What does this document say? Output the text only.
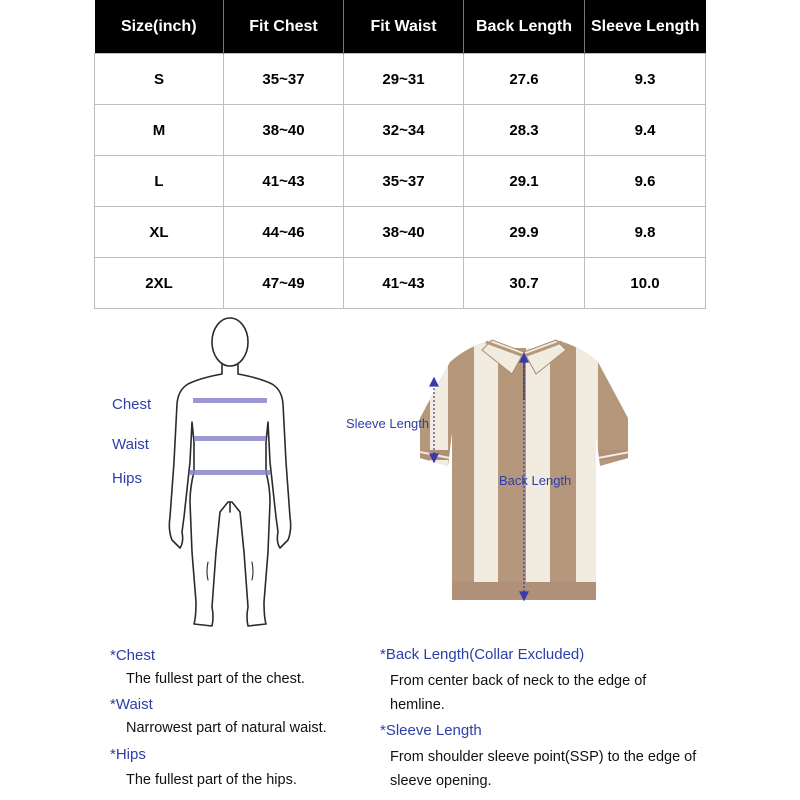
Size(inch)	Fit Chest	Fit Waist	Back Length	Sleeve Length
S	35~37	29~31	27.6	9.3
M	38~40	32~34	28.3	9.4
L	41~43	35~37	29.1	9.6
XL	44~46	38~40	29.9	9.8
2XL	47~49	41~43	30.7	10.0
Chest
Waist
Hips
Sleeve Length
Back Length
*Chest
The fullest part of the chest.
*Waist
Narrowest part of natural waist.
*Hips
The fullest part of the hips.
*Back Length(Collar Excluded)
From center back of neck to the edge of hemline.
*Sleeve Length
From shoulder sleeve point(SSP) to the edge of sleeve opening.
